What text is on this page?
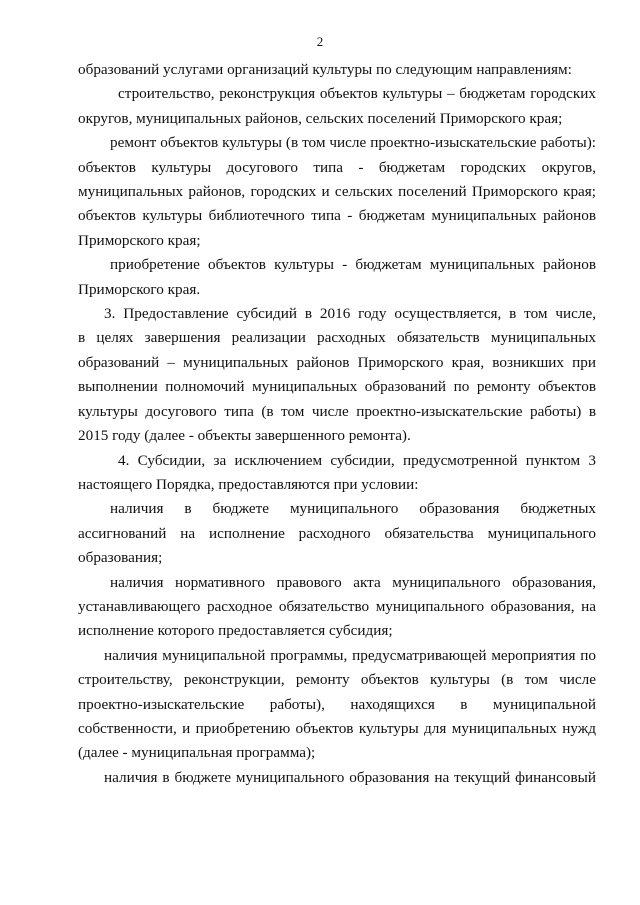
2

образований услугами организаций культуры по следующим направлениям:

строительство, реконструкция объектов культуры – бюджетам городских
округов, муниципальных районов, сельских поселений Приморского края;

ремонт объектов культуры (в том числе проектно-изыскательские работы):
объектов культуры досугового типа - бюджетам городских округов,
муниципальных районов, городских и сельских поселений Приморского края;
объектов культуры библиотечного типа - бюджетам муниципальных районов
Приморского края;

приобретение объектов культуры - бюджетам муниципальных районов
Приморского края.

3. Предоставление субсидий в 2016 году осуществляется, в том числе,
в целях завершения реализации расходных обязательств муниципальных
образований – муниципальных районов Приморского края, возникших при
выполнении полномочий муниципальных образований по ремонту объектов
культуры досугового типа (в том числе проектно-изыскательские работы) в
2015 году (далее - объекты завершенного ремонта).

4. Субсидии, за исключением субсидии, предусмотренной пунктом 3
настоящего Порядка, предоставляются при условии:

наличия в бюджете муниципального образования бюджетных
ассигнований на исполнение расходного обязательства муниципального
образования;

наличия нормативного правового акта муниципального образования,
устанавливающего расходное обязательство муниципального образования, на
исполнение которого предоставляется субсидия;

наличия муниципальной программы, предусматривающей мероприятия по
строительству, реконструкции, ремонту объектов культуры (в том числе
проектно-изыскательские работы), находящихся в муниципальной
собственности, и приобретению объектов культуры для муниципальных нужд
(далее - муниципальная программа);

наличия в бюджете муниципального образования на текущий финансовый
